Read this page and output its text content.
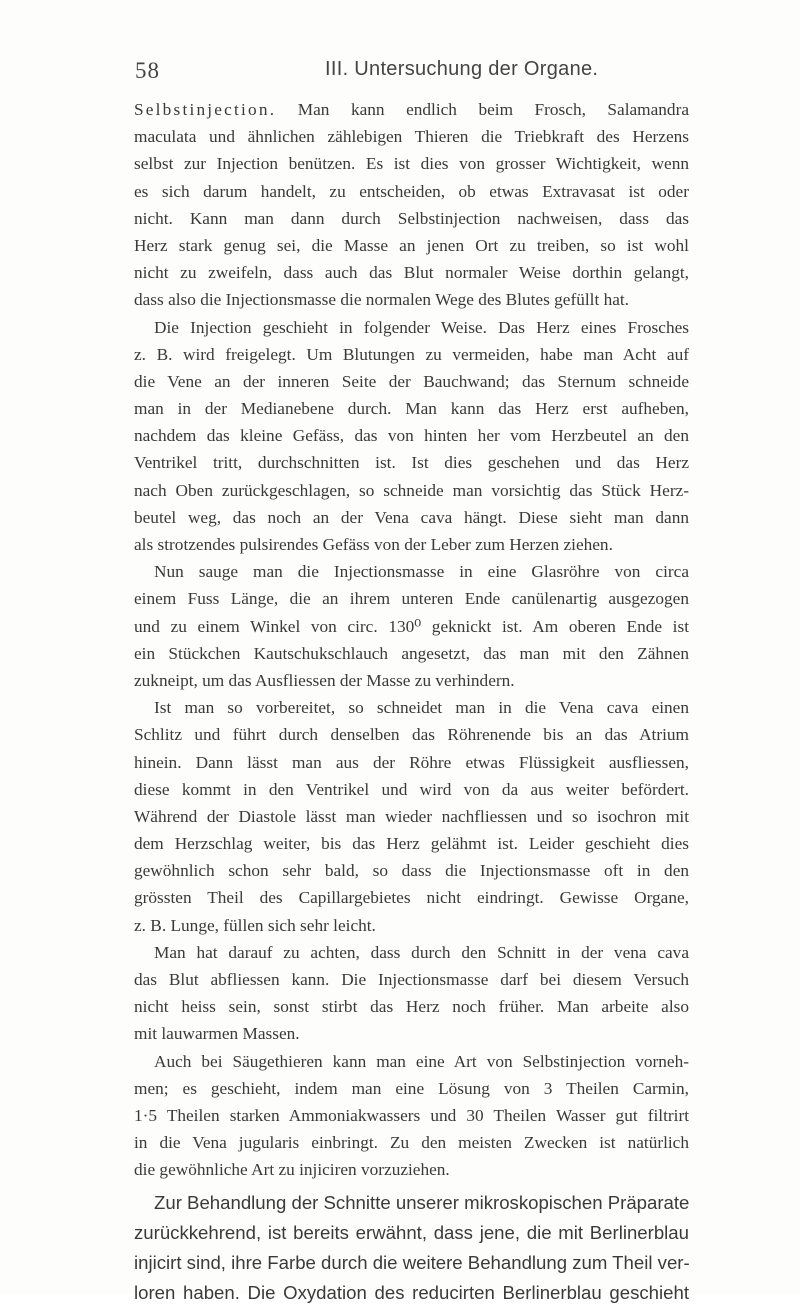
58	III. Untersuchung der Organe.
Selbstinjection. Man kann endlich beim Frosch, Salamandra
maculata und ähnlichen zählebigen Thieren die Triebkraft des Herzens
selbst zur Injection benützen. Es ist dies von grosser Wichtigkeit, wenn
es sich darum handelt, zu entscheiden, ob etwas Extravasat ist oder
nicht. Kann man dann durch Selbstinjection nachweisen, dass das
Herz stark genug sei, die Masse an jenen Ort zu treiben, so ist wohl
nicht zu zweifeln, dass auch das Blut normaler Weise dorthin gelangt,
dass also die Injectionsmasse die normalen Wege des Blutes gefüllt hat.
Die Injection geschieht in folgender Weise. Das Herz eines Frosches
z. B. wird freigelegt. Um Blutungen zu vermeiden, habe man Acht auf
die Vene an der inneren Seite der Bauchwand; das Sternum schneide
man in der Medianebene durch. Man kann das Herz erst aufheben,
nachdem das kleine Gefäss, das von hinten her vom Herzbeutel an den
Ventrikel tritt, durchschnitten ist. Ist dies geschehen und das Herz
nach Oben zurückgeschlagen, so schneide man vorsichtig das Stück Herz-
beutel weg, das noch an der Vena cava hängt. Diese sieht man dann
als strotzendes pulsirendes Gefäss von der Leber zum Herzen ziehen.
Nun sauge man die Injectionsmasse in eine Glasröhre von circa
einem Fuss Länge, die an ihrem unteren Ende canülenartig ausgezogen
und zu einem Winkel von circ. 130⁰ geknickt ist. Am oberen Ende ist
ein Stückchen Kautschukschlauch angesetzt, das man mit den Zähnen
zukneipt, um das Ausfliessen der Masse zu verhindern.
Ist man so vorbereitet, so schneidet man in die Vena cava einen
Schlitz und führt durch denselben das Röhrenende bis an das Atrium
hinein. Dann lässt man aus der Röhre etwas Flüssigkeit ausfliessen,
diese kommt in den Ventrikel und wird von da aus weiter befördert.
Während der Diastole lässt man wieder nachfliessen und so isochron mit
dem Herzschlag weiter, bis das Herz gelähmt ist. Leider geschieht dies
gewöhnlich schon sehr bald, so dass die Injectionsmasse oft in den
grössten Theil des Capillargebietes nicht eindringt. Gewisse Organe,
z. B. Lunge, füllen sich sehr leicht.
Man hat darauf zu achten, dass durch den Schnitt in der vena cava
das Blut abfliessen kann. Die Injectionsmasse darf bei diesem Versuch
nicht heiss sein, sonst stirbt das Herz noch früher. Man arbeite also
mit lauwarmen Massen.
Auch bei Säugethieren kann man eine Art von Selbstinjection vorneh-
men; es geschieht, indem man eine Lösung von 3 Theilen Carmin,
1·5 Theilen starken Ammoniakwassers und 30 Theilen Wasser gut filtrirt
in die Vena jugularis einbringt. Zu den meisten Zwecken ist natürlich
die gewöhnliche Art zu injiciren vorzuziehen.
Zur Behandlung der Schnitte unserer mikroskopischen Präparate
zurückkehrend, ist bereits erwähnt, dass jene, die mit Berlinerblau
injicirt sind, ihre Farbe durch die weitere Behandlung zum Theil ver-
loren haben. Die Oxydation des reducirten Berlinerblau geschieht
